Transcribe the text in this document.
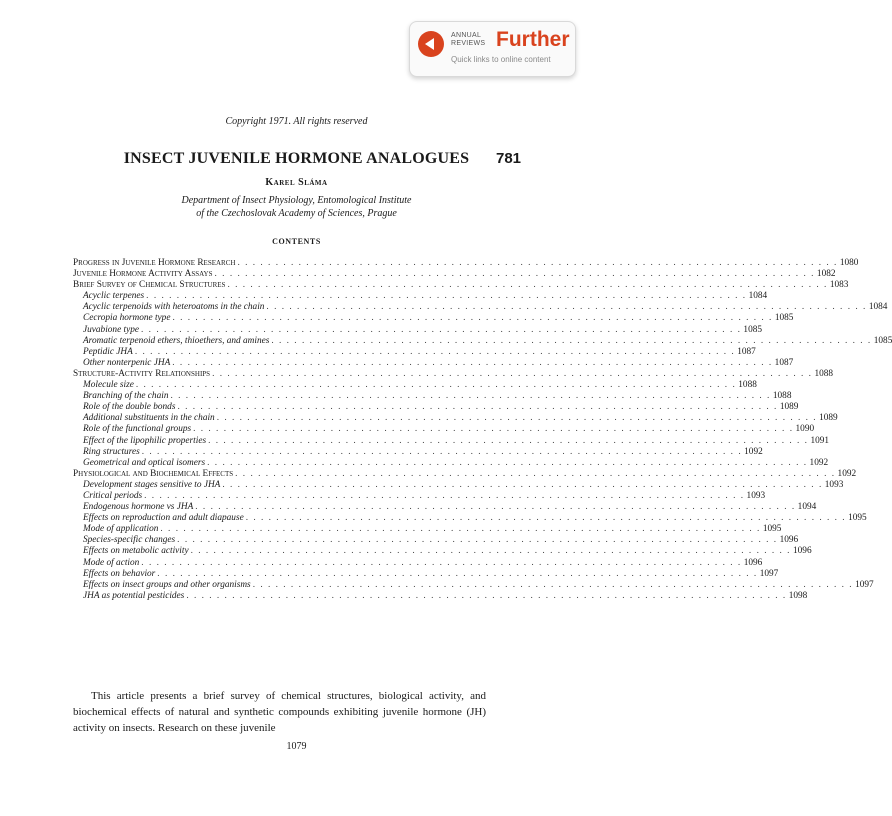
ANNUAL
REVIEWS Further
Quick links to online content
Copyright 1971. All rights reserved
INSECT JUVENILE HORMONE ANALOGUES	781
Karel Sláma
Department of Insect Physiology, Entomological Institute
of the Czechoslovak Academy of Sciences, Prague
CONTENTS
Progress in Juvenile Hormone Research . . . . . . . . . . . . . . . . . . . . . . . . . . . . . . . . . . . . . . . . . . . . . . . . . . . . . . . . . . . . . . . . . . . . . . . . . . . . . . . 1080
Juvenile Hormone Activity Assays . . . . . . . . . . . . . . . . . . . . . . . . . . . . . . . . . . . . . . . . . . . . . . . . . . . . . . . . . . . . . . . . . . . . . . . . . . . . . . . 1082
Brief Survey of Chemical Structures . . . . . . . . . . . . . . . . . . . . . . . . . . . . . . . . . . . . . . . . . . . . . . . . . . . . . . . . . . . . . . . . . . . . . . . . . . . . . . . 1083
Acyclic terpenes . . . . . . . . . . . . . . . . . . . . . . . . . . . . . . . . . . . . . . . . . . . . . . . . . . . . . . . . . . . . . . . . . . . . . . . . . . . . . . . 1084
Acyclic terpenoids with heteroatoms in the chain . . . . . . . . . . . . . . . . . . . . . . . . . . . . . . . . . . . . . . . . . . . . . . . . . . . . . . . . . . . . . . . . . . . . . . . . . . . . . . . 1084
Cecropia hormone type . . . . . . . . . . . . . . . . . . . . . . . . . . . . . . . . . . . . . . . . . . . . . . . . . . . . . . . . . . . . . . . . . . . . . . . . . . . . . . . 1085
Juvabione type . . . . . . . . . . . . . . . . . . . . . . . . . . . . . . . . . . . . . . . . . . . . . . . . . . . . . . . . . . . . . . . . . . . . . . . . . . . . . . . 1085
Aromatic terpenoid ethers, thioethers, and amines . . . . . . . . . . . . . . . . . . . . . . . . . . . . . . . . . . . . . . . . . . . . . . . . . . . . . . . . . . . . . . . . . . . . . . . . . . . . . . . 1085
Peptidic JHA . . . . . . . . . . . . . . . . . . . . . . . . . . . . . . . . . . . . . . . . . . . . . . . . . . . . . . . . . . . . . . . . . . . . . . . . . . . . . . . 1087
Other nonterpenic JHA . . . . . . . . . . . . . . . . . . . . . . . . . . . . . . . . . . . . . . . . . . . . . . . . . . . . . . . . . . . . . . . . . . . . . . . . . . . . . . . 1087
Structure-Activity Relationships . . . . . . . . . . . . . . . . . . . . . . . . . . . . . . . . . . . . . . . . . . . . . . . . . . . . . . . . . . . . . . . . . . . . . . . . . . . . . . . 1088
Molecule size . . . . . . . . . . . . . . . . . . . . . . . . . . . . . . . . . . . . . . . . . . . . . . . . . . . . . . . . . . . . . . . . . . . . . . . . . . . . . . . 1088
Branching of the chain . . . . . . . . . . . . . . . . . . . . . . . . . . . . . . . . . . . . . . . . . . . . . . . . . . . . . . . . . . . . . . . . . . . . . . . . . . . . . . . 1088
Role of the double bonds . . . . . . . . . . . . . . . . . . . . . . . . . . . . . . . . . . . . . . . . . . . . . . . . . . . . . . . . . . . . . . . . . . . . . . . . . . . . . . . 1089
Additional substituents in the chain . . . . . . . . . . . . . . . . . . . . . . . . . . . . . . . . . . . . . . . . . . . . . . . . . . . . . . . . . . . . . . . . . . . . . . . . . . . . . . . 1089
Role of the functional groups . . . . . . . . . . . . . . . . . . . . . . . . . . . . . . . . . . . . . . . . . . . . . . . . . . . . . . . . . . . . . . . . . . . . . . . . . . . . . . . 1090
Effect of the lipophilic properties . . . . . . . . . . . . . . . . . . . . . . . . . . . . . . . . . . . . . . . . . . . . . . . . . . . . . . . . . . . . . . . . . . . . . . . . . . . . . . . 1091
Ring structures . . . . . . . . . . . . . . . . . . . . . . . . . . . . . . . . . . . . . . . . . . . . . . . . . . . . . . . . . . . . . . . . . . . . . . . . . . . . . . . 1092
Geometrical and optical isomers . . . . . . . . . . . . . . . . . . . . . . . . . . . . . . . . . . . . . . . . . . . . . . . . . . . . . . . . . . . . . . . . . . . . . . . . . . . . . . . 1092
Physiological and Biochemical Effects . . . . . . . . . . . . . . . . . . . . . . . . . . . . . . . . . . . . . . . . . . . . . . . . . . . . . . . . . . . . . . . . . . . . . . . . . . . . . . . 1092
Development stages sensitive to JHA . . . . . . . . . . . . . . . . . . . . . . . . . . . . . . . . . . . . . . . . . . . . . . . . . . . . . . . . . . . . . . . . . . . . . . . . . . . . . . . 1093
Critical periods . . . . . . . . . . . . . . . . . . . . . . . . . . . . . . . . . . . . . . . . . . . . . . . . . . . . . . . . . . . . . . . . . . . . . . . . . . . . . . . 1093
Endogenous hormone vs JHA . . . . . . . . . . . . . . . . . . . . . . . . . . . . . . . . . . . . . . . . . . . . . . . . . . . . . . . . . . . . . . . . . . . . . . . . . . . . . . . 1094
Effects on reproduction and adult diapause . . . . . . . . . . . . . . . . . . . . . . . . . . . . . . . . . . . . . . . . . . . . . . . . . . . . . . . . . . . . . . . . . . . . . . . . . . . . . . . 1095
Mode of application . . . . . . . . . . . . . . . . . . . . . . . . . . . . . . . . . . . . . . . . . . . . . . . . . . . . . . . . . . . . . . . . . . . . . . . . . . . . . . . 1095
Species-specific changes . . . . . . . . . . . . . . . . . . . . . . . . . . . . . . . . . . . . . . . . . . . . . . . . . . . . . . . . . . . . . . . . . . . . . . . . . . . . . . . 1096
Effects on metabolic activity . . . . . . . . . . . . . . . . . . . . . . . . . . . . . . . . . . . . . . . . . . . . . . . . . . . . . . . . . . . . . . . . . . . . . . . . . . . . . . . 1096
Mode of action . . . . . . . . . . . . . . . . . . . . . . . . . . . . . . . . . . . . . . . . . . . . . . . . . . . . . . . . . . . . . . . . . . . . . . . . . . . . . . . 1096
Effects on behavior . . . . . . . . . . . . . . . . . . . . . . . . . . . . . . . . . . . . . . . . . . . . . . . . . . . . . . . . . . . . . . . . . . . . . . . . . . . . . . . 1097
Effects on insect groups and other organisms . . . . . . . . . . . . . . . . . . . . . . . . . . . . . . . . . . . . . . . . . . . . . . . . . . . . . . . . . . . . . . . . . . . . . . . . . . . . . . . 1097
JHA as potential pesticides . . . . . . . . . . . . . . . . . . . . . . . . . . . . . . . . . . . . . . . . . . . . . . . . . . . . . . . . . . . . . . . . . . . . . . . . . . . . . . . 1098

This article presents a brief survey of chemical structures, biological activity, and biochemical effects of natural and synthetic compounds exhibiting juvenile hormone (JH) activity on insects. Research on these juvenile

1079
